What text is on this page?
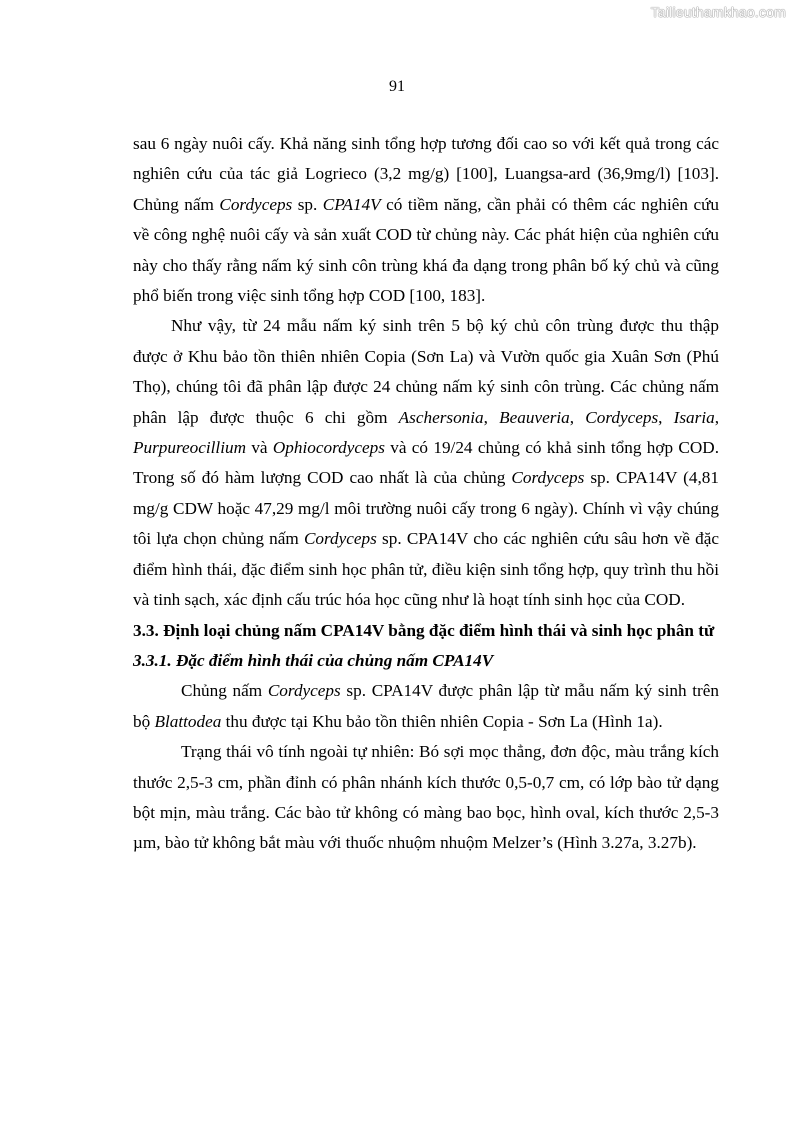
Tailieuthamkhao.com
91

sau 6 ngày nuôi cấy. Khả năng sinh tổng hợp tương đối cao so với kết quả trong các nghiên cứu của tác giả Logrieco (3,2 mg/g) [100], Luangsa-ard (36,9mg/l) [103]. Chủng nấm Cordyceps sp. CPA14V có tiềm năng, cần phải có thêm các nghiên cứu về công nghệ nuôi cấy và sản xuất COD từ chủng này. Các phát hiện của nghiên cứu này cho thấy rằng nấm ký sinh côn trùng khá đa dạng trong phân bố ký chủ và cũng phổ biến trong việc sinh tổng hợp COD [100, 183].

Như vậy, từ 24 mẫu nấm ký sinh trên 5 bộ ký chủ côn trùng được thu thập được ở Khu bảo tồn thiên nhiên Copia (Sơn La) và Vườn quốc gia Xuân Sơn (Phú Thọ), chúng tôi đã phân lập được 24 chủng nấm ký sinh côn trùng. Các chủng nấm phân lập được thuộc 6 chi gồm Aschersonia, Beauveria, Cordyceps, Isaria, Purpureocillium và Ophiocordyceps và có 19/24 chủng có khả sinh tổng hợp COD. Trong số đó hàm lượng COD cao nhất là của chủng Cordyceps sp. CPA14V (4,81 mg/g CDW hoặc 47,29 mg/l môi trường nuôi cấy trong 6 ngày). Chính vì vậy chúng tôi lựa chọn chủng nấm Cordyceps sp. CPA14V cho các nghiên cứu sâu hơn về đặc điểm hình thái, đặc điểm sinh học phân tử, điều kiện sinh tổng hợp, quy trình thu hồi và tinh sạch, xác định cấu trúc hóa học cũng như là hoạt tính sinh học của COD.

3.3. Định loại chủng nấm CPA14V bằng đặc điểm hình thái và sinh học phân tử

3.3.1. Đặc điểm hình thái của chủng nấm CPA14V

Chủng nấm Cordyceps sp. CPA14V được phân lập từ mẫu nấm ký sinh trên bộ Blattodea thu được tại Khu bảo tồn thiên nhiên Copia - Sơn La (Hình 1a).

Trạng thái vô tính ngoài tự nhiên: Bó sợi mọc thẳng, đơn độc, màu trắng kích thước 2,5-3 cm, phần đỉnh có phân nhánh kích thước 0,5-0,7 cm, có lớp bào tử dạng bột mịn, màu trắng. Các bào tử không có màng bao bọc, hình oval, kích thước 2,5-3 µm, bào tử không bắt màu với thuốc nhuộm nhuộm Melzer’s (Hình 3.27a, 3.27b).
